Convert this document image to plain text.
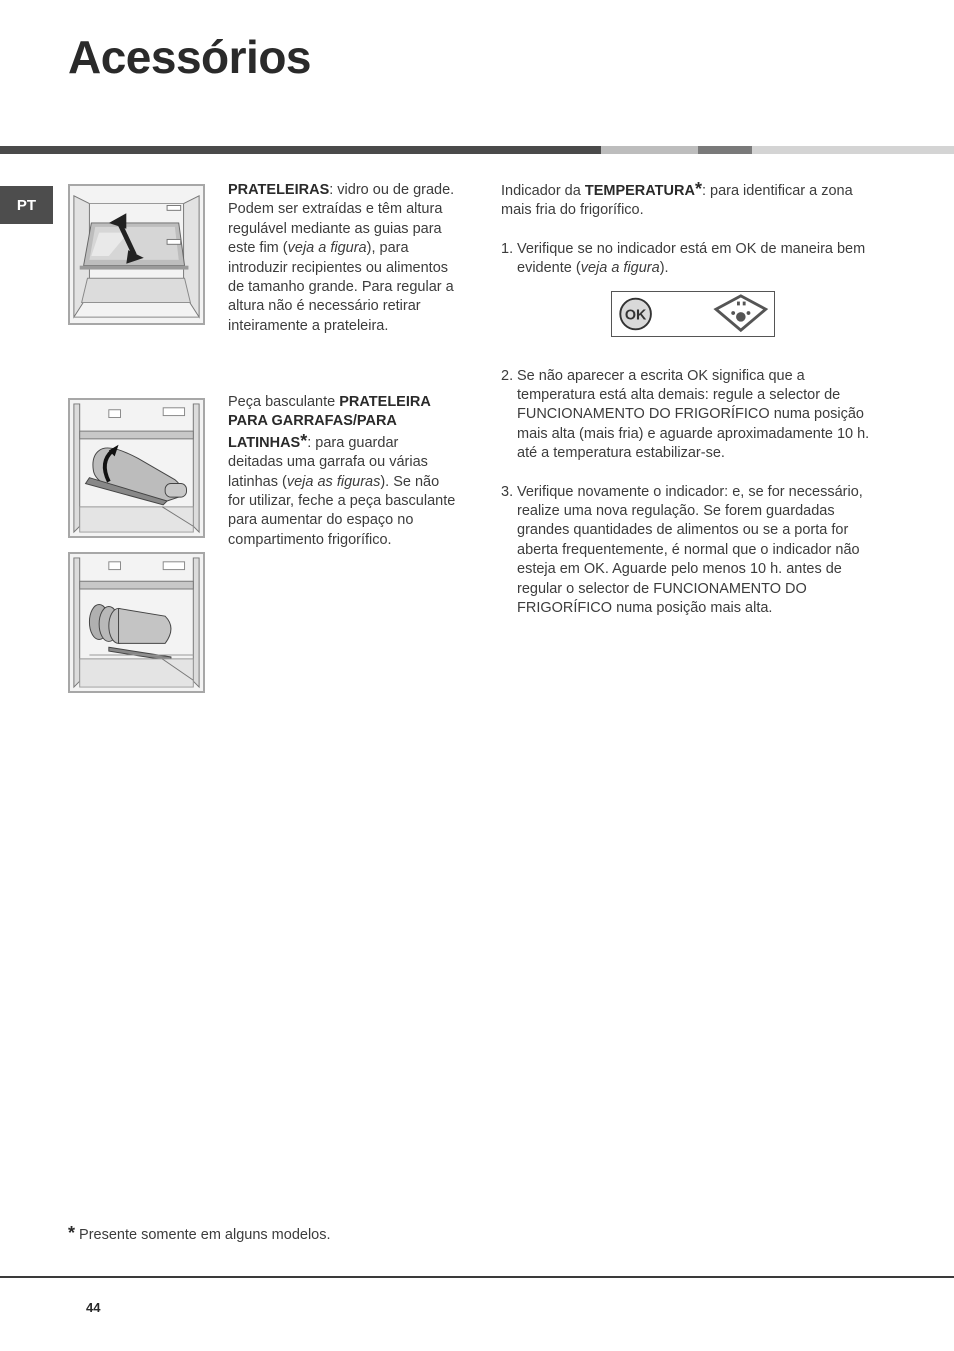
Acessórios
PT
PRATELEIRAS: vidro ou de grade.
Podem ser extraídas e têm altura regulável mediante as guias para este fim (veja a figura), para introduzir recipientes ou alimentos de tamanho grande. Para regular a altura não é necessário retirar inteiramente a prateleira.
Peça basculante PRATELEIRA PARA GARRAFAS/PARA LATINHAS*: para guardar deitadas uma garrafa ou várias latinhas (veja as figuras). Se não for utilizar, feche a peça basculante para aumentar do espaço no compartimento frigorífico.
Indicador da TEMPERATURA*: para identificar a zona mais fria do frigorífico.
1. Verifique se no indicador está em OK de maneira bem evidente (veja a figura).
OK
2. Se não aparecer a escrita OK significa que a temperatura está alta demais: regule a selector de FUNCIONAMENTO DO FRIGORÍFICO numa posição mais alta (mais fria) e aguarde aproximadamente 10 h. até a temperatura estabilizar-se.
3. Verifique novamente o indicador: e, se for necessário, realize uma nova regulação. Se forem guardadas grandes quantidades de alimentos ou se a porta for aberta frequentemente, é normal que o indicador não esteja em OK. Aguarde pelo menos 10 h. antes de regular o selector de FUNCIONAMENTO DO FRIGORÍFICO numa posição mais alta.
* Presente somente em alguns modelos.
44
